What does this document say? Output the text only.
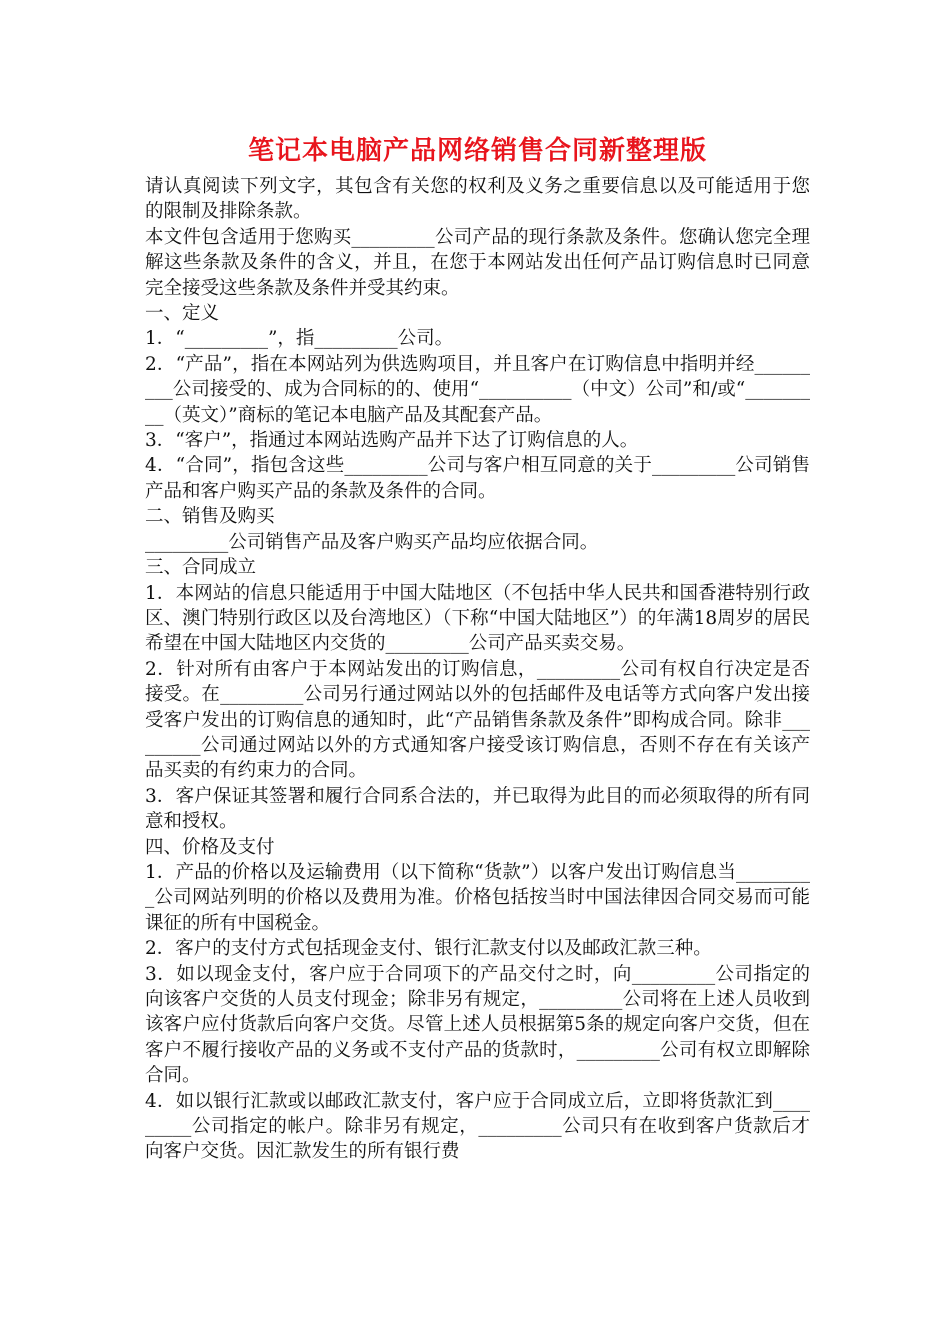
笔记本电脑产品网络销售合同新整理版

请认真阅读下列文字，其包含有关您的权利及义务之重要信息以及可能适用于您的限制及排除条款。

本文件包含适用于您购买_________公司产品的现行条款及条件。您确认您完全理解这些条款及条件的含义，并且，在您于本网站发出任何产品订购信息时已同意完全接受这些条款及条件并受其约束。

一、定义

1．“_________”，指_________公司。

2．“产品”，指在本网站列为供选购项目，并且客户在订购信息中指明并经_________公司接受的、成为合同标的的、使用“__________（中文）公司”和/或“_________（英文）”商标的笔记本电脑产品及其配套产品。

3．“客户”，指通过本网站选购产品并下达了订购信息的人。

4．“合同”，指包含这些_________公司与客户相互同意的关于_________公司销售产品和客户购买产品的条款及条件的合同。

二、销售及购买

_________公司销售产品及客户购买产品均应依据合同。

三、合同成立

1．本网站的信息只能适用于中国大陆地区（不包括中华人民共和国香港特别行政区、澳门特别行政区以及台湾地区）（下称“中国大陆地区”）的年满18周岁的居民希望在中国大陆地区内交货的_________公司产品买卖交易。

2．针对所有由客户于本网站发出的订购信息，_________公司有权自行决定是否接受。在_________公司另行通过网站以外的包括邮件及电话等方式向客户发出接受客户发出的订购信息的通知时，此“产品销售条款及条件”即构成合同。除非_________公司通过网站以外的方式通知客户接受该订购信息，否则不存在有关该产品买卖的有约束力的合同。

3．客户保证其签署和履行合同系合法的，并已取得为此目的而必须取得的所有同意和授权。

四、价格及支付

1．产品的价格以及运输费用（以下简称“货款”）以客户发出订购信息当_________公司网站列明的价格以及费用为准。价格包括按当时中国法律因合同交易而可能课征的所有中国税金。

2．客户的支付方式包括现金支付、银行汇款支付以及邮政汇款三种。

3．如以现金支付，客户应于合同项下的产品交付之时，向_________公司指定的向该客户交货的人员支付现金；除非另有规定，_________公司将在上述人员收到该客户应付货款后向客户交货。尽管上述人员根据第5条的规定向客户交货，但在客户不履行接收产品的义务或不支付产品的货款时，_________公司有权立即解除合同。

4．如以银行汇款或以邮政汇款支付，客户应于合同成立后，立即将货款汇到_________公司指定的帐户。除非另有规定，_________公司只有在收到客户货款后才向客户交货。因汇款发生的所有银行费
